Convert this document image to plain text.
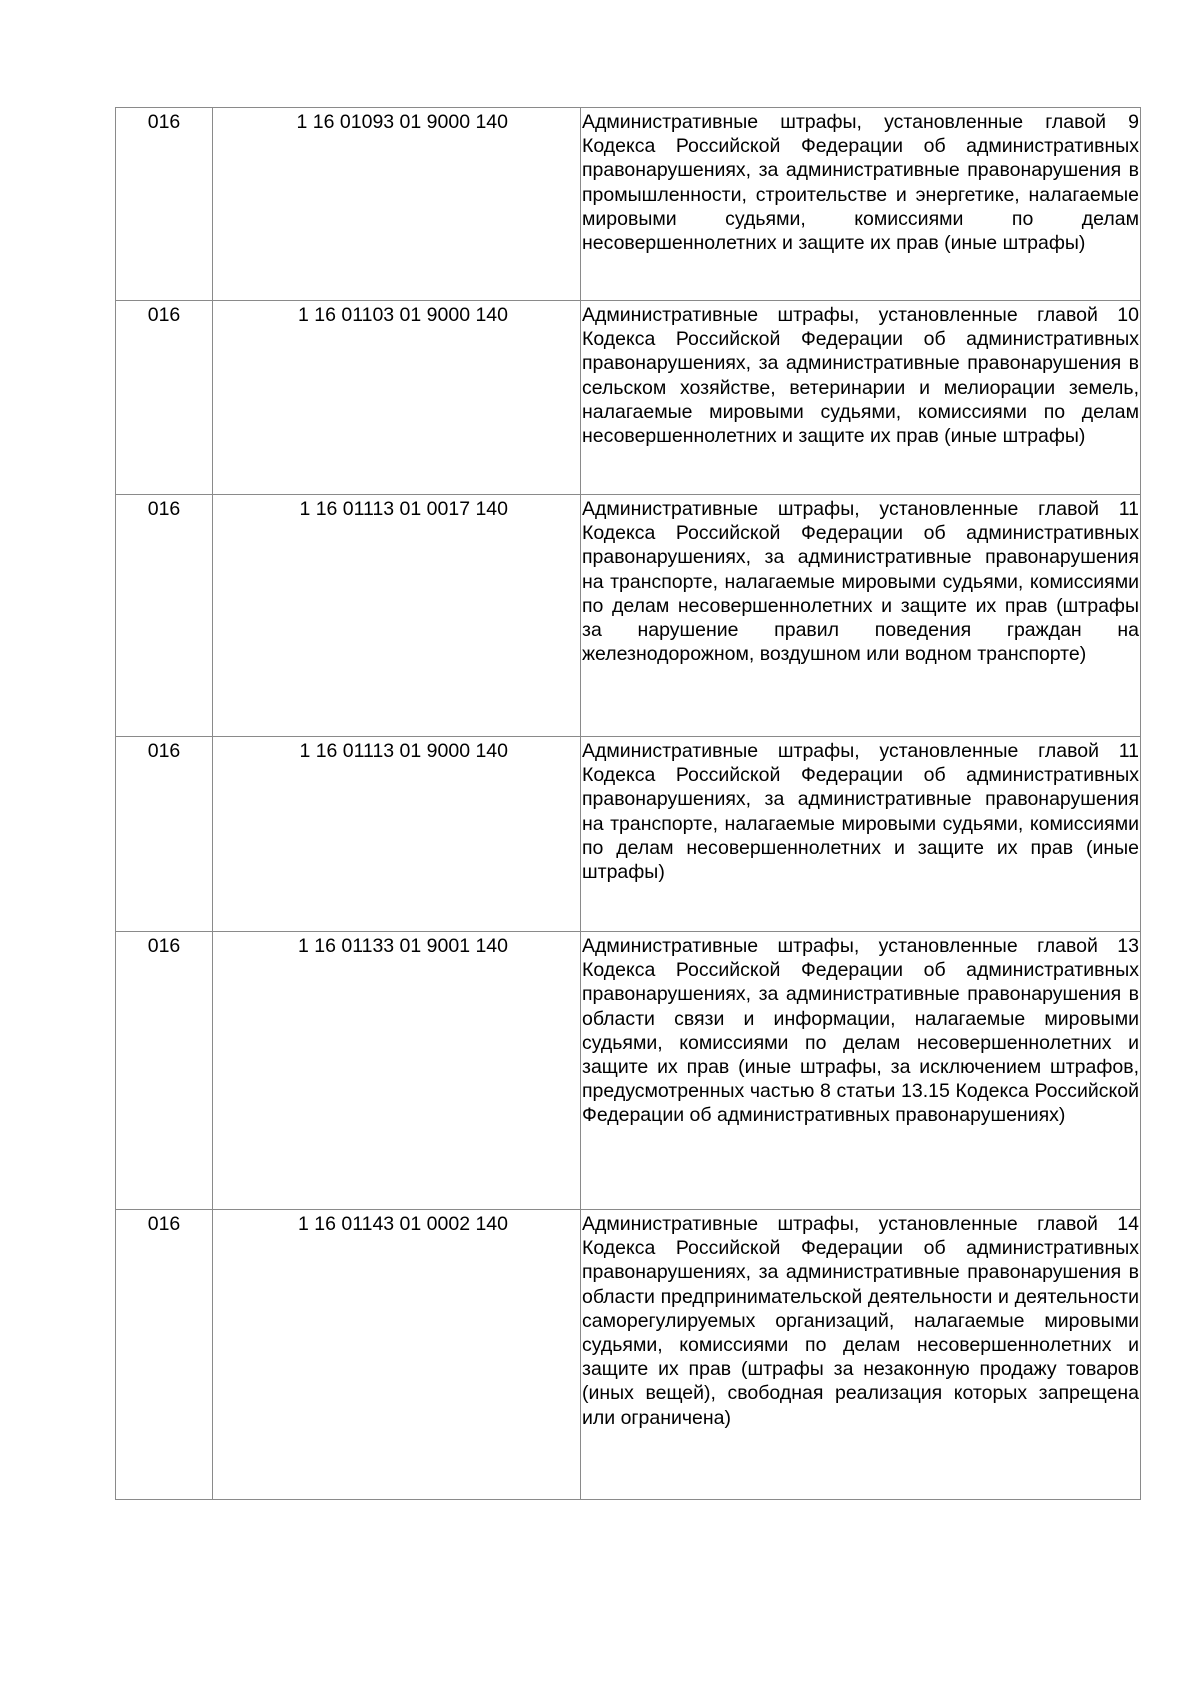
016	1 16 01093 01 9000 140	Административные штрафы, установленные главой 9 Кодекса Российской Федерации об административных правонарушениях, за административные правонарушения в промышленности, строительстве и энергетике, налагаемые мировыми судьями, комиссиями по делам несовершеннолетних и защите их прав (иные штрафы)
016	1 16 01103 01 9000 140	Административные штрафы, установленные главой 10 Кодекса Российской Федерации об административных правонарушениях, за административные правонарушения в сельском хозяйстве, ветеринарии и мелиорации земель, налагаемые мировыми судьями, комиссиями по делам несовершеннолетних и защите их прав (иные штрафы)
016	1 16 01113 01 0017 140	Административные штрафы, установленные главой 11 Кодекса Российской Федерации об административных правонарушениях, за административные правонарушения на транспорте, налагаемые мировыми судьями, комиссиями по делам несовершеннолетних и защите их прав (штрафы за нарушение правил поведения граждан на железнодорожном, воздушном или водном транспорте)
016	1 16 01113 01 9000 140	Административные штрафы, установленные главой 11 Кодекса Российской Федерации об административных правонарушениях, за административные правонарушения на транспорте, налагаемые мировыми судьями, комиссиями по делам несовершеннолетних и защите их прав (иные штрафы)
016	1 16 01133 01 9001 140	Административные штрафы, установленные главой 13 Кодекса Российской Федерации об административных правонарушениях, за административные правонарушения в области связи и информации, налагаемые мировыми судьями, комиссиями по делам несовершеннолетних и защите их прав (иные штрафы, за исключением штрафов, предусмотренных частью 8 статьи 13.15 Кодекса Российской Федерации об административных правонарушениях)
016	1 16 01143 01 0002 140	Административные штрафы, установленные главой 14 Кодекса Российской Федерации об административных правонарушениях, за административные правонарушения в области предпринимательской деятельности и деятельности саморегулируемых организаций, налагаемые мировыми судьями, комиссиями по делам несовершеннолетних и защите их прав (штрафы за незаконную продажу товаров (иных вещей), свободная реализация которых запрещена или ограничена)
